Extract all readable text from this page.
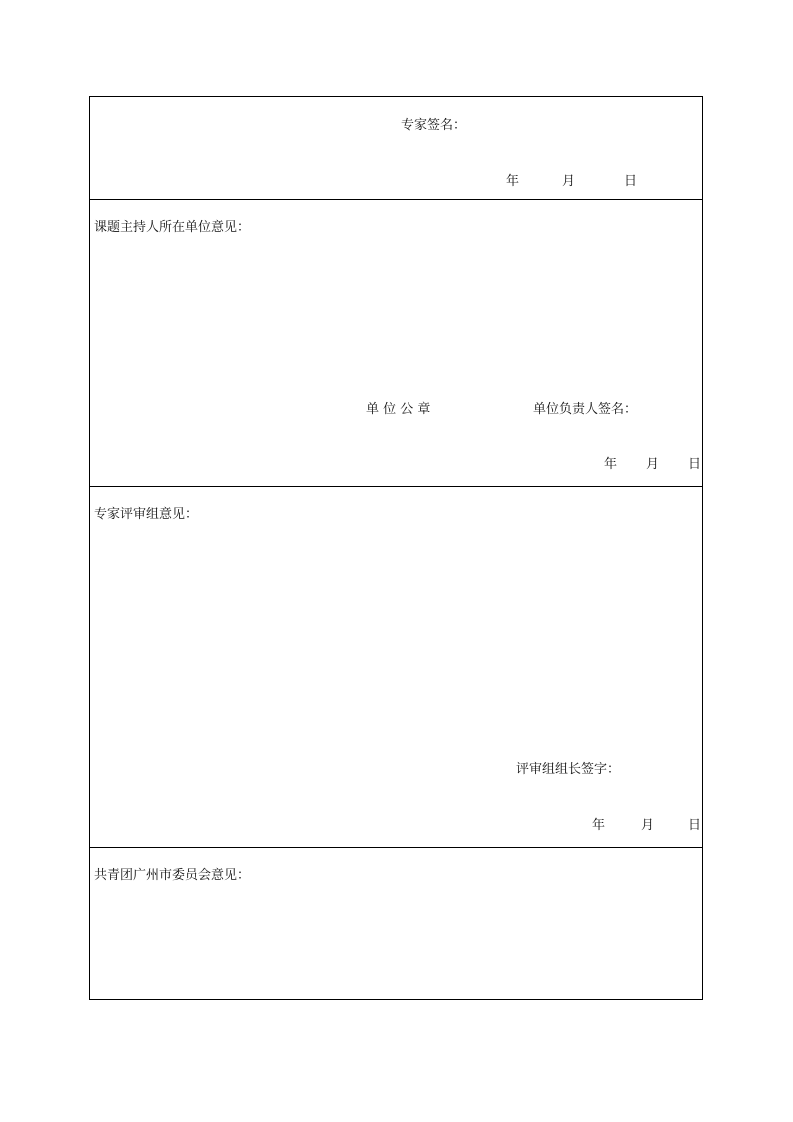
专家签名：
年	月	日
课题主持人所在单位意见：
单 位 公 章	单位负责人签名：
年 月 日
专家评审组意见：
评审组组长签字：
年	月	日
共青团广州市委员会意见：
